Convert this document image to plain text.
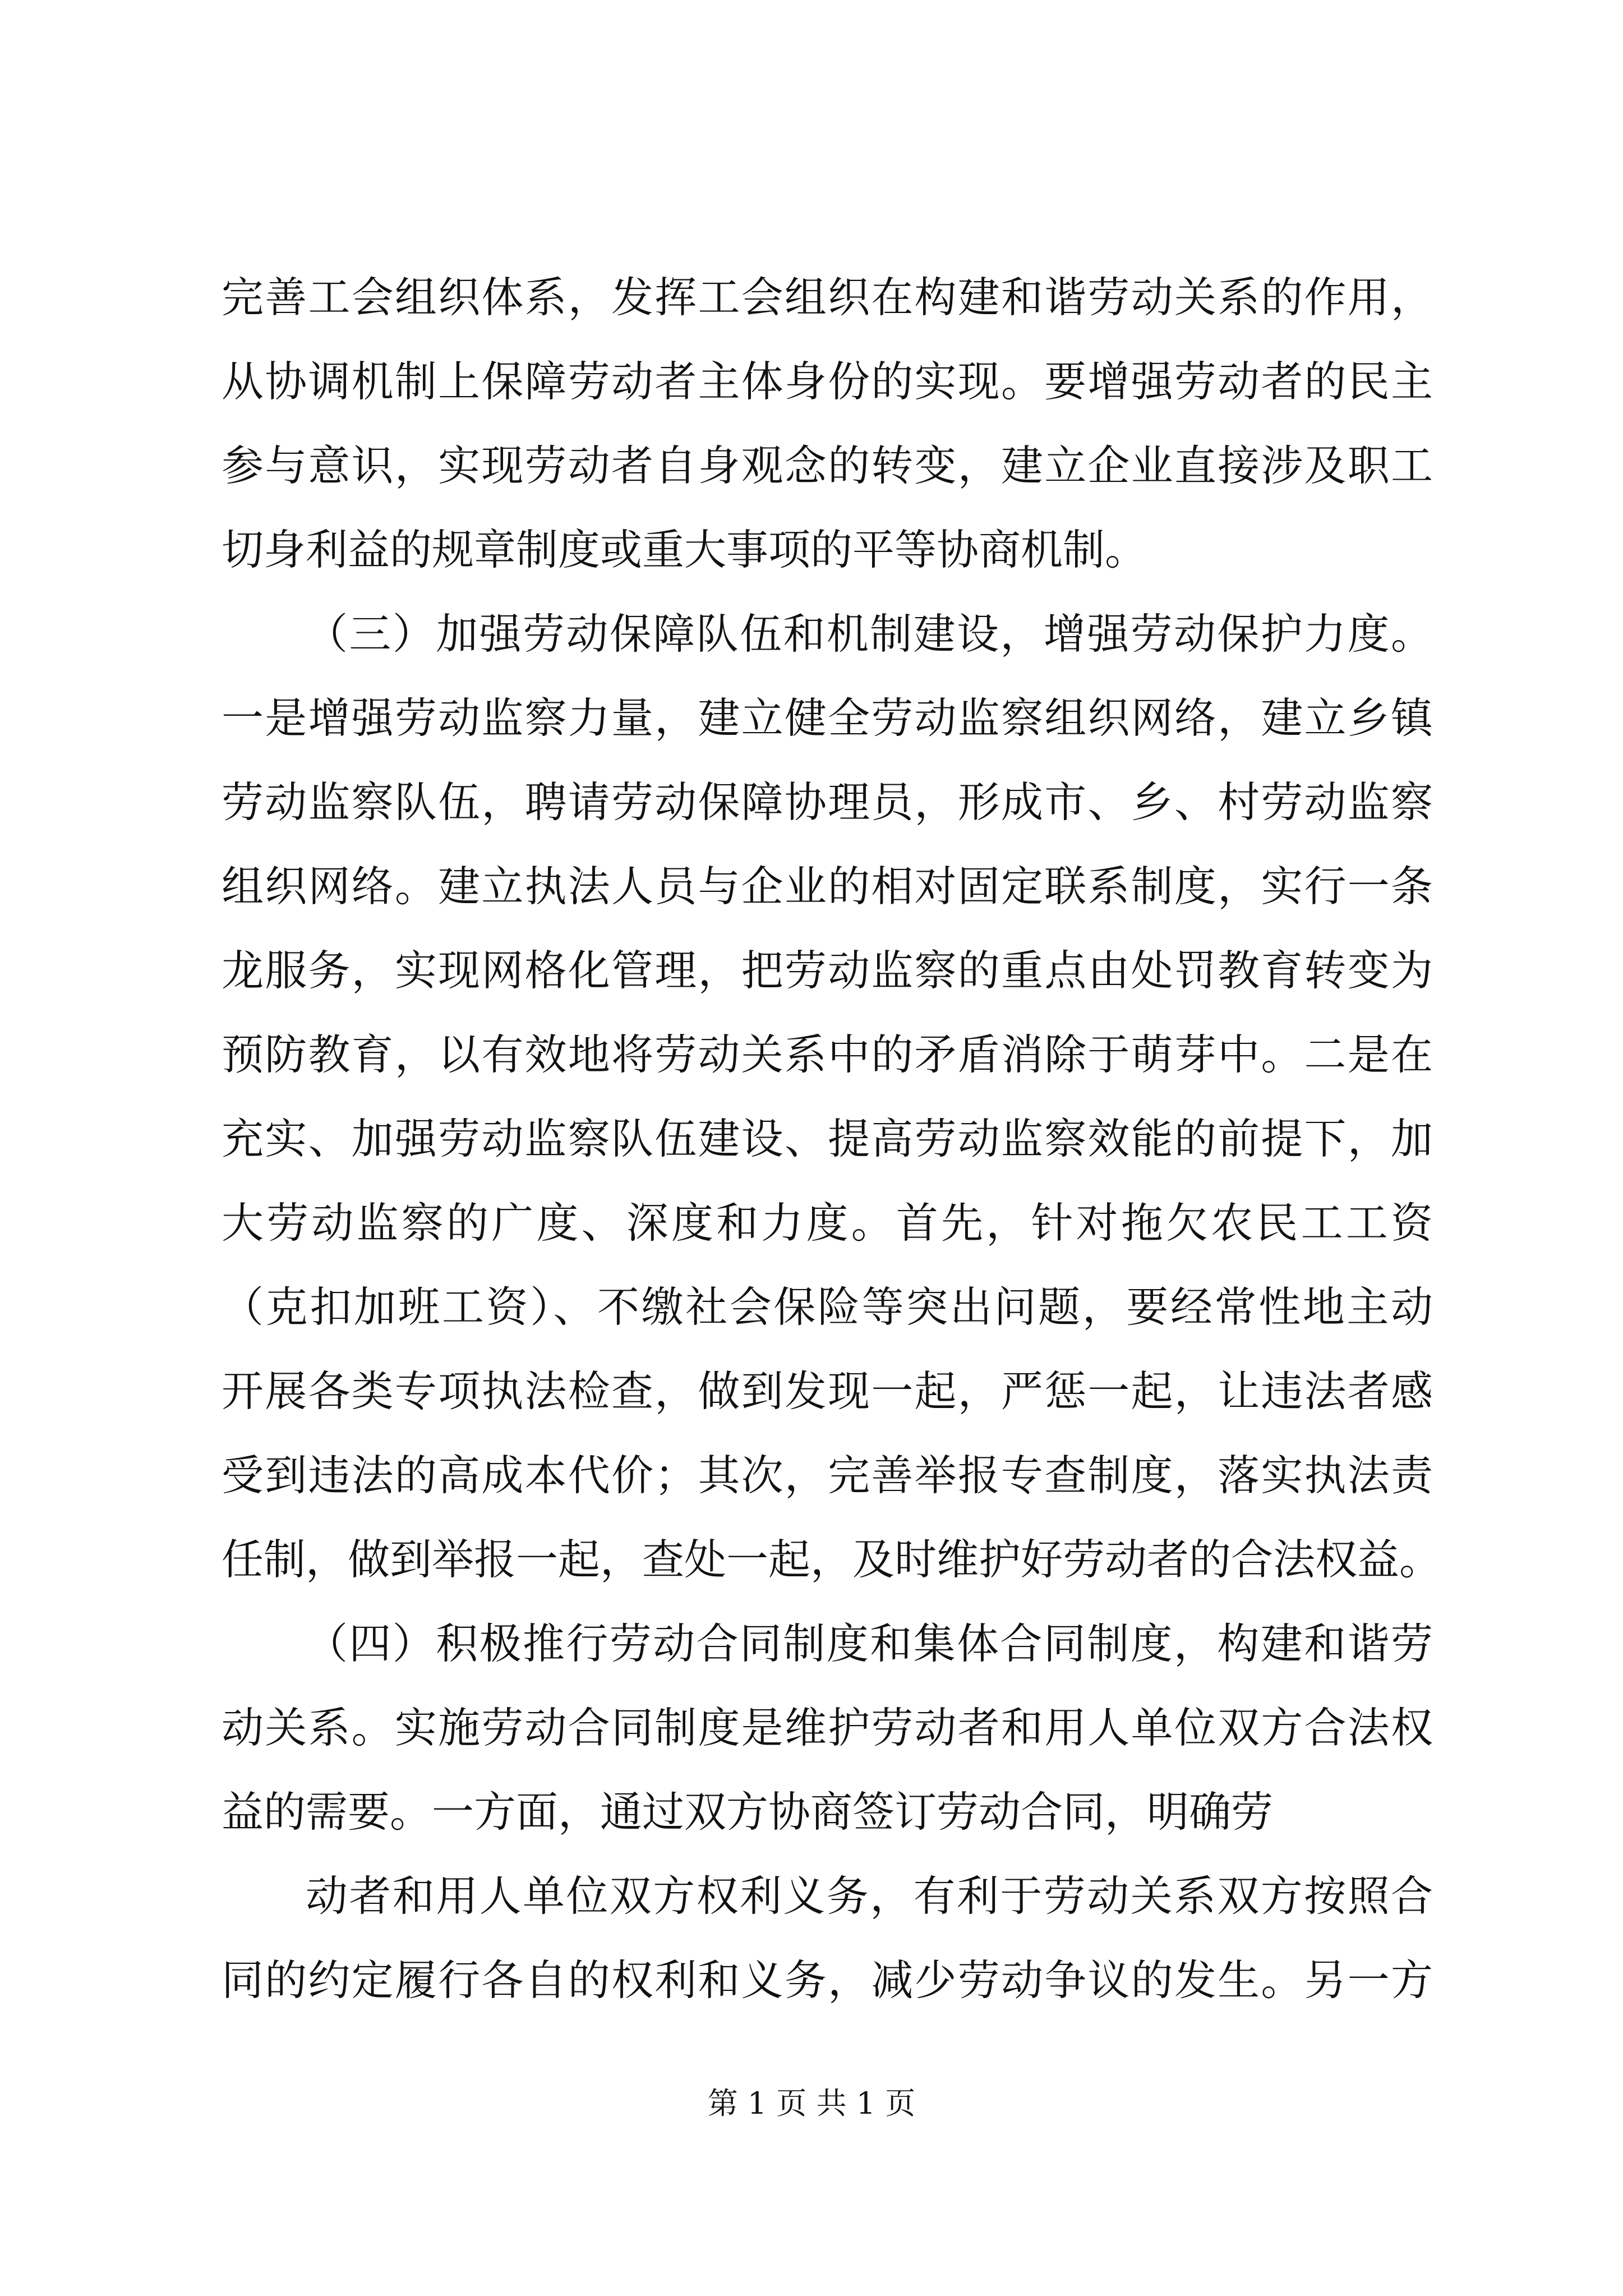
完善工会组织体系，发挥工会组织在构建和谐劳动关系的作用，
从协调机制上保障劳动者主体身份的实现。要增强劳动者的民主
参与意识，实现劳动者自身观念的转变，建立企业直接涉及职工
切身利益的规章制度或重大事项的平等协商机制。
（三）加强劳动保障队伍和机制建设，增强劳动保护力度。
一是增强劳动监察力量，建立健全劳动监察组织网络，建立乡镇
劳动监察队伍，聘请劳动保障协理员，形成市、乡、村劳动监察
组织网络。建立执法人员与企业的相对固定联系制度，实行一条
龙服务，实现网格化管理，把劳动监察的重点由处罚教育转变为
预防教育，以有效地将劳动关系中的矛盾消除于萌芽中。二是在
充实、加强劳动监察队伍建设、提高劳动监察效能的前提下，加
大劳动监察的广度、深度和力度。首先，针对拖欠农民工工资
（克扣加班工资）、不缴社会保险等突出问题，要经常性地主动
开展各类专项执法检查，做到发现一起，严惩一起，让违法者感
受到违法的高成本代价；其次，完善举报专查制度，落实执法责
任制，做到举报一起，查处一起，及时维护好劳动者的合法权益。
（四）积极推行劳动合同制度和集体合同制度，构建和谐劳
动关系。实施劳动合同制度是维护劳动者和用人单位双方合法权
益的需要。一方面，通过双方协商签订劳动合同，明确劳
动者和用人单位双方权利义务，有利于劳动关系双方按照合
同的约定履行各自的权利和义务，减少劳动争议的发生。另一方
第 1 页 共 1 页
